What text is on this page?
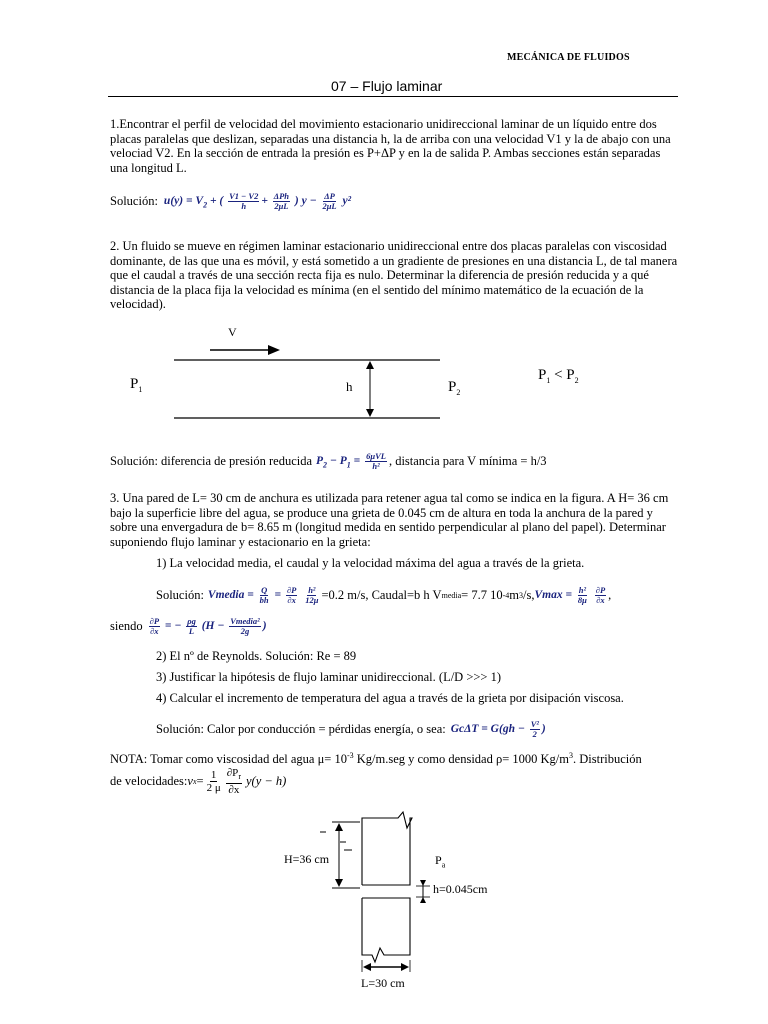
MECÁNICA DE FLUIDOS
07 – Flujo laminar
1.Encontrar el perfil de velocidad del movimiento estacionario unidireccional laminar de un líquido entre dos placas paralelas que deslizan, separadas una distancia h, la de arriba con una velocidad V1 y la de abajo con una velociad V2. En la sección de entrada la presión es P+ΔP y en la de salida P. Ambas secciones están separadas una longitud L.
Solución: $u(y) = V_2$ + ( $\frac{V1 - V2}{h} + \frac{\text{ΔPh}}{2\mu L}$ ) $y - \frac{\Delta P}{2\mu L} y^2$
2. Un fluido se mueve en régimen laminar estacionario unidireccional entre dos placas paralelas con viscosidad dominante, de las que una es móvil, y está sometido a un gradiente de presiones en una distancia L, de tal manera que el caudal a través de una sección recta fija es nulo. Determinar la diferencia de presión reducida y a qué distancia de la placa fija la velocidad es mínima (en el sentido del mínimo matemático de la ecuación de la velocidad).
V
$P_1$	h	$P_2$
$P_1 < P_2$
Solución: diferencia de presión reducida $P_2 - P_1 = \frac{\text{6μVL}}{\text{h²}}$ , distancia para V mínima = h/3
3. Una pared de L= 30 cm de anchura es utilizada para retener agua tal como se indica en la figura. A H= 36 cm bajo la superficie libre del agua, se produce una grieta de 0.045 cm de altura en toda la anchura de la pared y sobre una envergadura de b= 8.65 m (longitud medida en sentido perpendicular al plano del papel). Determinar suponiendo flujo laminar y estacionario en la grieta:
1) La velocidad media, el caudal y la velocidad máxima del agua a través de la grieta.
Solución: Vmedia = $\frac{Q}{bh} = \frac{\partial P}{\partial x}$
$\frac{\text{h²}}{12\mu} =0.2$ m/s, Caudal=b h V media = 7.7 10 -4 m 3 /s, $Vmax = \frac{\text{h²}}{8\mu}$
$\frac{\partial P}{\partial x}$ ,
siendo $\frac{\partial P}{\partial x}$ = − $\frac{\rho g}{L} (H - \frac{\text{Vmedia²}}{2g}$ )
2) El nº de Reynolds. Solución: Re = 89
3) Justificar la hipótesis de flujo laminar unidireccional. (L/D >>> 1)
4) Calcular el incremento de temperatura del agua a través de la grieta por disipación viscosa.
Solución: Calor por conducción = pérdidas energía, o sea: $Gc\Delta T = G(gh - \frac{\text{V²}}{2}$ )
NOTA: Tomar como viscosidad del agua $\mu= 10^{-3}$ Kg/m.seg y como densidad ρ= 1000 $Kg/m^3$. Distribución
de velocidades: v $x = \frac{1}{2 \mu} \frac{\partial P_r}{\partial x} y(y - h)$
H=36 cm	$P_a$
h=0.045cm
L=30 cm
